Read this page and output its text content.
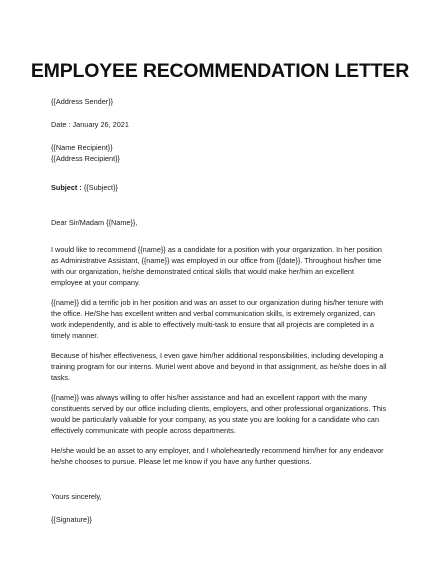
EMPLOYEE RECOMMENDATION LETTER
{{Address Sender}}
Date : January 26, 2021
{{Name Recipient}}
{{Address Recipient}}
Subject : {{Subject}}
Dear Sir/Madam {{Name}},
I would like to recommend {{name}} as a candidate for a position with your organization. In her position
as Administrative Assistant, {{name}} was employed in our office from {{date}}. Throughout his/her time
with our organization, he/she demonstrated critical skills that would make her/him an excellent
employee at your company.
{{name}} did a terrific job in her position and was an asset to our organization during his/her tenure with
the office. He/She has excellent written and verbal communication skills, is extremely organized, can
work independently, and is able to effectively multi-task to ensure that all projects are completed in a
timely manner.
Because of his/her effectiveness, I even gave him/her additional responsibilities, including developing a
training program for our interns. Muriel went above and beyond in that assignment, as he/she does in all
tasks.
{{name}} was always willing to offer his/her assistance and had an excellent rapport with the many
constituents served by our office including clients, employers, and other professional organizations. This
would be particularly valuable for your company, as you state you are looking for a candidate who can
effectively communicate with people across departments.
He/she would be an asset to any employer, and I wholeheartedly recommend him/her for any endeavor
he/she chooses to pursue. Please let me know if you have any further questions.
Yours sincerely,
{{Signature}}
